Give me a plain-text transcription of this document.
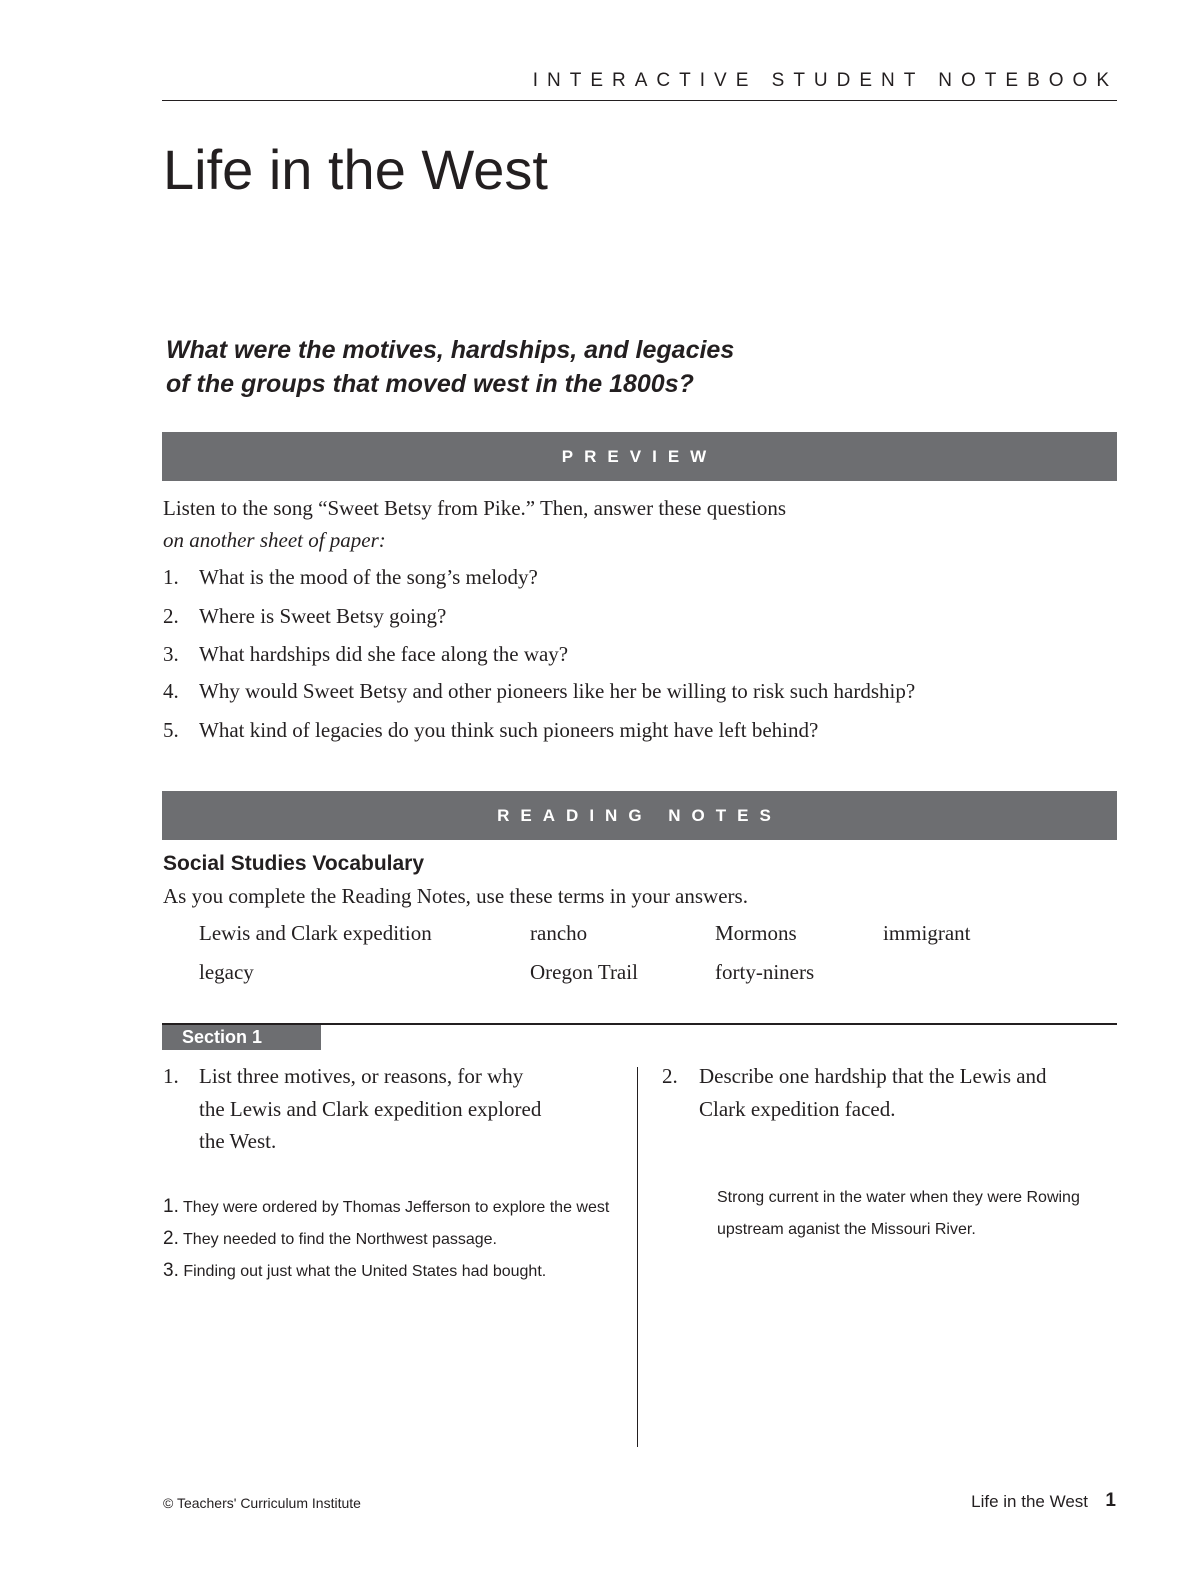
INTERACTIVE STUDENT NOTEBOOK
Life in the West
What were the motives, hardships, and legacies
of the groups that moved west in the 1800s?
PREVIEW
Listen to the song “Sweet Betsy from Pike.” Then, answer these questions
on another sheet of paper:
1. What is the mood of the song’s melody?
2. Where is Sweet Betsy going?
3. What hardships did she face along the way?
4. Why would Sweet Betsy and other pioneers like her be willing to risk such hardship?
5. What kind of legacies do you think such pioneers might have left behind?
READING NOTES
Social Studies Vocabulary
As you complete the Reading Notes, use these terms in your answers.
Lewis and Clark expedition	rancho	Mormons	immigrant
legacy	Oregon Trail	forty-niners
Section 1
1. List three motives, or reasons, for why
the Lewis and Clark expedition explored
the West.
2. Describe one hardship that the Lewis and
Clark expedition faced.
1. They were ordered by Thomas Jefferson to explore the west
2. They needed to find the Northwest passage.
3. Finding out just what the United States had bought.
Strong current in the water when they were Rowing
upstream aganist the Missouri River.
© Teachers' Curriculum Institute	Life in the West 1
